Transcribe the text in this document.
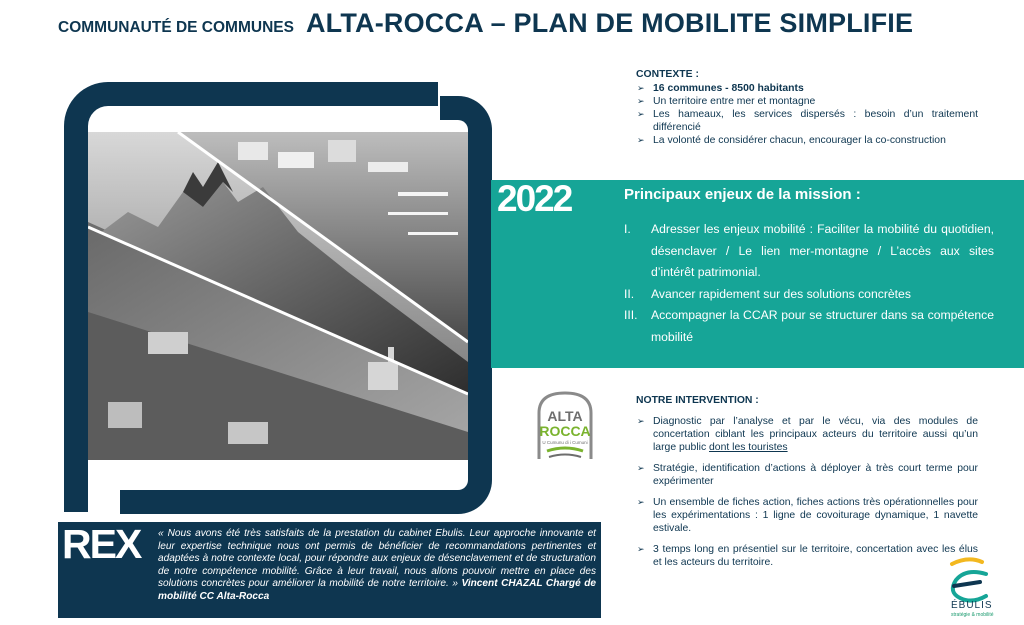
COMMUNAUTÉ DE COMMUNES ALTA-ROCCA – PLAN DE MOBILITE SIMPLIFIE
CONTEXTE :
➢ 16 communes - 8500 habitants
➢ Un territoire entre mer et montagne
➢ Les hameaux, les services dispersés : besoin d’un traitement différencié
➢ La volonté de considérer chacun, encourager la co-construction
2022	Principaux enjeux de la mission :
I. Adresser les enjeux mobilité : Faciliter la mobilité du quotidien, désenclaver / Le lien mer-montagne / L’accès aux sites d’intérêt patrimonial.
II. Avancer rapidement sur des solutions concrètes
III. Accompagner la CCAR pour se structurer dans sa compétence mobilité
ALTA
ROCCA
U Cumunu di i Cumuni
NOTRE INTERVENTION :
➢ Diagnostic par l’analyse et par le vécu, via des modules de concertation ciblant les principaux acteurs du territoire aussi qu’un large public dont les touristes
➢ Stratégie, identification d’actions à déployer à très court terme pour expérimenter
➢ Un ensemble de fiches action, fiches actions très opérationnelles pour les expérimentations : 1 ligne de covoiturage dynamique, 1 navette estivale.
➢ 3 temps long en présentiel sur le territoire, concertation avec les élus et les acteurs du territoire.
REX « Nous avons été très satisfaits de la prestation du cabinet Ebulis. Leur approche innovante et leur expertise technique nous ont permis de bénéficier de recommandations pertinentes et adaptées à notre contexte local, pour répondre aux enjeux de désenclavement et de structuration de notre compétence mobilité. Grâce à leur travail, nous allons pouvoir mettre en place des solutions concrètes pour améliorer la mobilité de notre territoire. » Vincent CHAZAL Chargé de mobilité CC Alta-Rocca
ÉBULIS
stratégie & mobilité
